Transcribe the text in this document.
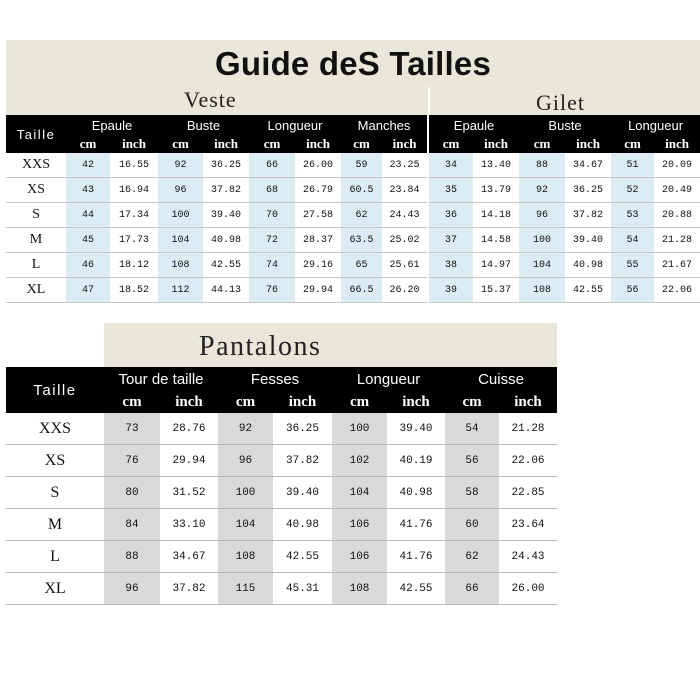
Guide deS Tailles
Veste	Gilet
Taille	Epaule		Buste		Longueur		Manches		Epaule		Buste		Longueur	
	cm	inch	cm	inch	cm	inch	cm	inch	cm	inch	cm	inch	cm	inch
XXS	42	16.55	92	36.25	66	26.00	59	23.25	34	13.40	88	34.67	51	20.09
XS	43	16.94	96	37.82	68	26.79	60.5	23.84	35	13.79	92	36.25	52	20.49
S	44	17.34	100	39.40	70	27.58	62	24.43	36	14.18	96	37.82	53	20.88
M	45	17.73	104	40.98	72	28.37	63.5	25.02	37	14.58	100	39.40	54	21.28
L	46	18.12	108	42.55	74	29.16	65	25.61	38	14.97	104	40.98	55	21.67
XL	47	18.52	112	44.13	76	29.94	66.5	26.20	39	15.37	108	42.55	56	22.06
Pantalons
Taille	Tour de taille		Fesses		Longueur		Cuisse	
	cm	inch	cm	inch	cm	inch	cm	inch
XXS	73	28.76	92	36.25	100	39.40	54	21.28
XS	76	29.94	96	37.82	102	40.19	56	22.06
S	80	31.52	100	39.40	104	40.98	58	22.85
M	84	33.10	104	40.98	106	41.76	60	23.64
L	88	34.67	108	42.55	106	41.76	62	24.43
XL	96	37.82	115	45.31	108	42.55	66	26.00
